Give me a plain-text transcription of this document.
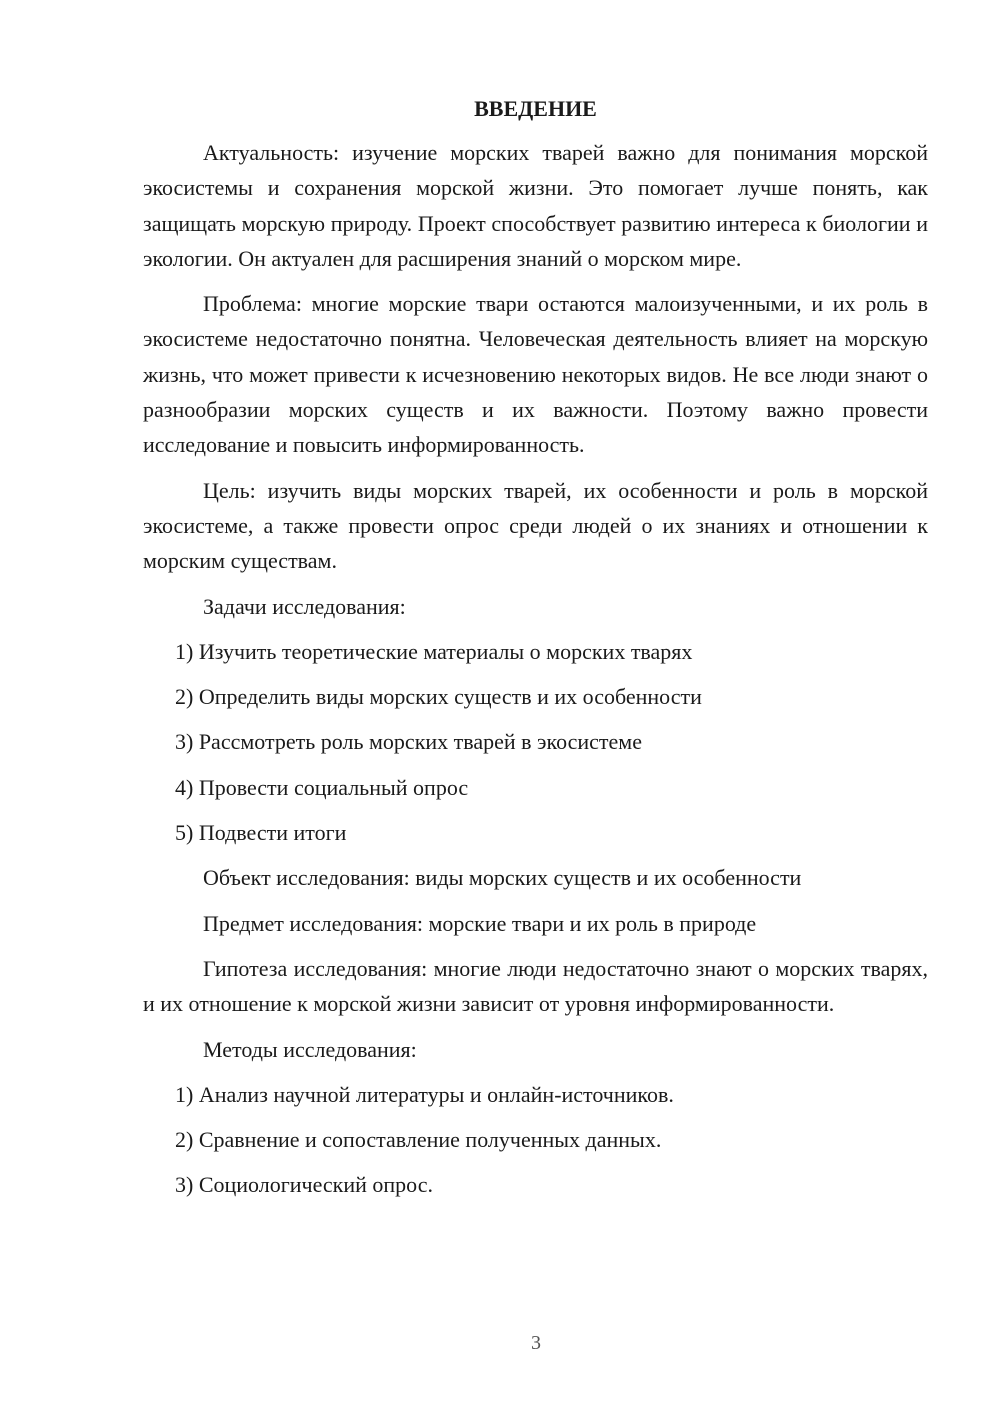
ВВЕДЕНИЕ

Актуальность: изучение морских тварей важно для понимания морской экосистемы и сохранения морской жизни. Это помогает лучше понять, как защищать морскую природу. Проект способствует развитию интереса к биологии и экологии. Он актуален для расширения знаний о морском мире.

Проблема: многие морские твари остаются малоизученными, и их роль в экосистеме недостаточно понятна. Человеческая деятельность влияет на морскую жизнь, что может привести к исчезновению некоторых видов. Не все люди знают о разнообразии морских существ и их важности. Поэтому важно провести исследование и повысить информированность.

Цель: изучить виды морских тварей, их особенности и роль в морской экосистеме, а также провести опрос среди людей о их знаниях и отношении к морским существам.

Задачи исследования:

1) Изучить теоретические материалы о морских тварях

2) Определить виды морских существ и их особенности

3) Рассмотреть роль морских тварей в экосистеме

4) Провести социальный опрос

5) Подвести итоги

Объект исследования: виды морских существ и их особенности

Предмет исследования: морские твари и их роль в природе

Гипотеза исследования: многие люди недостаточно знают о морских тварях, и их отношение к морской жизни зависит от уровня информированности.

Методы исследования:

1) Анализ научной литературы и онлайн-источников.

2) Сравнение и сопоставление полученных данных.

3) Социологический опрос.

3
